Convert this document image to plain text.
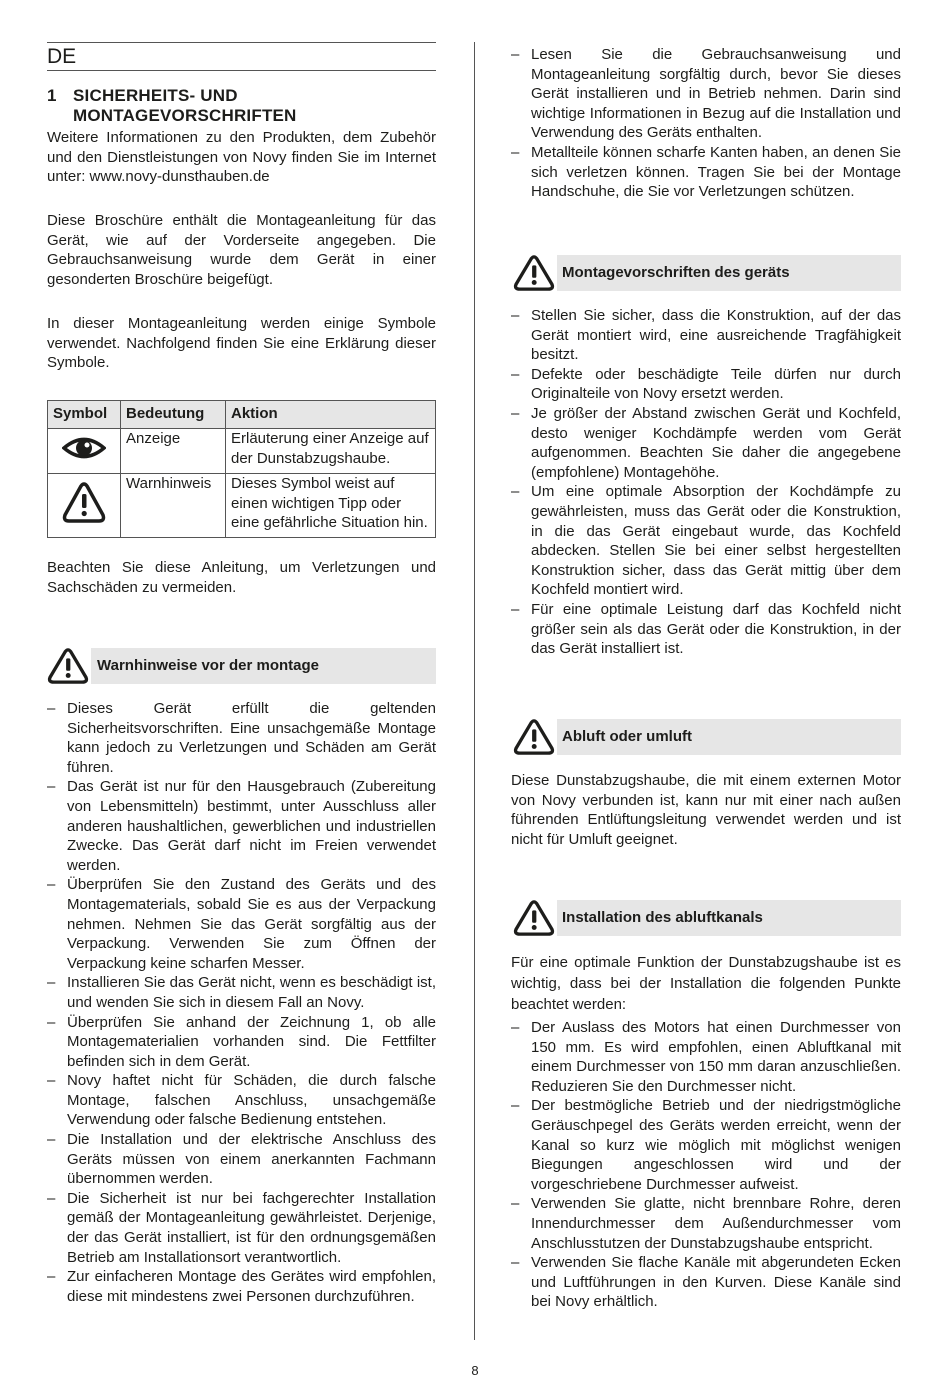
DE
1 SICHERHEITS- UND
MONTAGEVORSCHRIFTEN

Weitere Informationen zu den Produkten, dem Zubehör und den Dienstleistungen von Novy finden Sie im Internet unter: www.novy-dunsthauben.de

Diese Broschüre enthält die Montageanleitung für das Gerät, wie auf der Vorderseite angegeben. Die Gebrauchsanweisung wurde dem Gerät in einer gesonderten Broschüre beigefügt.

In dieser Montageanleitung werden einige Symbole verwendet. Nachfolgend finden Sie eine Erklärung dieser Symbole.

Symbol	Bedeutung	Aktion
	Anzeige	Erläuterung einer Anzeige auf der Dunstabzugshaube.
	Warnhinweis	Dieses Symbol weist auf einen wichtigen Tipp oder eine gefährliche Situation hin.

Beachten Sie diese Anleitung, um Verletzungen und Sachschäden zu vermeiden.

Warnhinweise vor der montage
– Dieses Gerät erfüllt die geltenden Sicherheitsvorschriften. Eine unsachgemäße Montage kann jedoch zu Verletzungen und Schäden am Gerät führen.
– Das Gerät ist nur für den Hausgebrauch (Zubereitung von Lebensmitteln) bestimmt, unter Ausschluss aller anderen haushaltlichen, gewerblichen und industriellen Zwecke. Das Gerät darf nicht im Freien verwendet werden.
– Überprüfen Sie den Zustand des Geräts und des Montagematerials, sobald Sie es aus der Verpackung nehmen. Nehmen Sie das Gerät sorgfältig aus der Verpackung. Verwenden Sie zum Öffnen der Verpackung keine scharfen Messer.
– Installieren Sie das Gerät nicht, wenn es beschädigt ist, und wenden Sie sich in diesem Fall an Novy.
– Überprüfen Sie anhand der Zeichnung 1, ob alle Montagematerialien vorhanden sind. Die Fettfilter befinden sich in dem Gerät.
– Novy haftet nicht für Schäden, die durch falsche Montage, falschen Anschluss, unsachgemäße Verwendung oder falsche Bedienung entstehen.
– Die Installation und der elektrische Anschluss des Geräts müssen von einem anerkannten Fachmann übernommen werden.
– Die Sicherheit ist nur bei fachgerechter Installation gemäß der Montageanleitung gewährleistet. Derjenige, der das Gerät installiert, ist für den ordnungsgemäßen Betrieb am Installationsort verantwortlich.
– Zur einfacheren Montage des Gerätes wird empfohlen, diese mit mindestens zwei Personen durchzuführen.
– Lesen Sie die Gebrauchsanweisung und Montageanleitung sorgfältig durch, bevor Sie dieses Gerät installieren und in Betrieb nehmen. Darin sind wichtige Informationen in Bezug auf die Installation und Verwendung des Geräts enthalten.
– Metallteile können scharfe Kanten haben, an denen Sie sich verletzen können. Tragen Sie bei der Montage Handschuhe, die Sie vor Verletzungen schützen.
Montagevorschriften des geräts
– Stellen Sie sicher, dass die Konstruktion, auf der das Gerät montiert wird, eine ausreichende Tragfähigkeit besitzt.
– Defekte oder beschädigte Teile dürfen nur durch Originalteile von Novy ersetzt werden.
– Je größer der Abstand zwischen Gerät und Kochfeld, desto weniger Kochdämpfe werden vom Gerät aufgenommen. Beachten Sie daher die angegebene (empfohlene) Montagehöhe.
– Um eine optimale Absorption der Kochdämpfe zu gewährleisten, muss das Gerät oder die Konstruktion, in die das Gerät eingebaut wurde, das Kochfeld abdecken. Stellen Sie bei einer selbst hergestellten Konstruktion sicher, dass das Gerät mittig über dem Kochfeld montiert wird.
– Für eine optimale Leistung darf das Kochfeld nicht größer sein als das Gerät oder die Konstruktion, in der das Gerät installiert ist.
Abluft oder umluft

Diese Dunstabzugshaube, die mit einem externen Motor von Novy verbunden ist, kann nur mit einer nach außen führenden Entlüftungsleitung verwendet werden und ist nicht für Umluft geeignet.

Installation des abluftkanals

Für eine optimale Funktion der Dunstabzugshaube ist es wichtig, dass bei der Installation die folgenden Punkte beachtet werden:

– Der Auslass des Motors hat einen Durchmesser von 150 mm. Es wird empfohlen, einen Abluftkanal mit einem Durchmesser von 150 mm daran anzuschließen. Reduzieren Sie den Durchmesser nicht.
– Der bestmögliche Betrieb und der niedrigstmögliche Geräuschpegel des Geräts werden erreicht, wenn der Kanal so kurz wie möglich mit möglichst wenigen Biegungen angeschlossen wird und der vorgeschriebene Durchmesser aufweist.
– Verwenden Sie glatte, nicht brennbare Rohre, deren Innendurchmesser dem Außendurchmesser vom Anschlusstutzen der Dunstabzugshaube entspricht.
– Verwenden Sie flache Kanäle mit abgerundeten Ecken und Luftführungen in den Kurven. Diese Kanäle sind bei Novy erhältlich.
8
